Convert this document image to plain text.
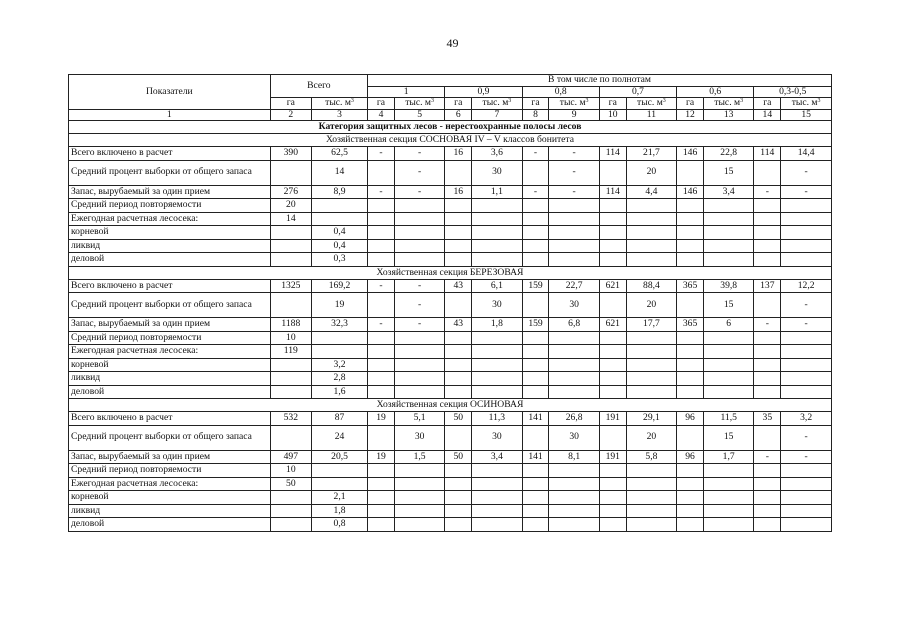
49
Показатели	Всего		В том числе по полнотам											
			1		0,9		0,8		0,7		0,6		0,3-0,5	
	га	тыс. $м^3$	га	тыс. $м^3$	га	тыс. $м^3$	га	тыс. $м^3$	га	тыс. $м^3$	га	тыс. $м^3$	га	тыс. $м^3$
1	2	3	4	5	6	7	8	9	10	11	12	13	14	15
Категория защитных лесов - нерестоохранные полосы лесов														
Хозяйственная секция СОСНОВАЯ IV – V классов бонитета														
Всего включено в расчет	390	62,5	-	-	16	3,6	-	-	114	21,7	146	22,8	114	14,4
Средний процент выборки от общего запаса		14		-		30		-		20		15		-
Запас, вырубаемый за один прием	276	8,9	-	-	16	1,1	-	-	114	4,4	146	3,4	-	-
Средний период повторяемости	20													
Ежегодная расчетная лесосека:	14													
корневой		0,4												
ликвид		0,4												
деловой		0,3												
Хозяйственная секция БЕРЕЗОВАЯ														
Всего включено в расчет	1325	169,2	-	-	43	6,1	159	22,7	621	88,4	365	39,8	137	12,2
Средний процент выборки от общего запаса		19		-		30		30		20		15		-
Запас, вырубаемый за один прием	1188	32,3	-	-	43	1,8	159	6,8	621	17,7	365	6	-	-
Средний период повторяемости	10													
Ежегодная расчетная лесосека:	119													
корневой		3,2												
ликвид		2,8												
деловой		1,6												
Хозяйственная секция ОСИНОВАЯ														
Всего включено в расчет	532	87	19	5,1	50	11,3	141	26,8	191	29,1	96	11,5	35	3,2
Средний процент выборки от общего запаса		24		30		30		30		20		15		-
Запас, вырубаемый за один прием	497	20,5	19	1,5	50	3,4	141	8,1	191	5,8	96	1,7	-	-
Средний период повторяемости	10													
Ежегодная расчетная лесосека:	50													
корневой		2,1												
ликвид		1,8												
деловой		0,8												
